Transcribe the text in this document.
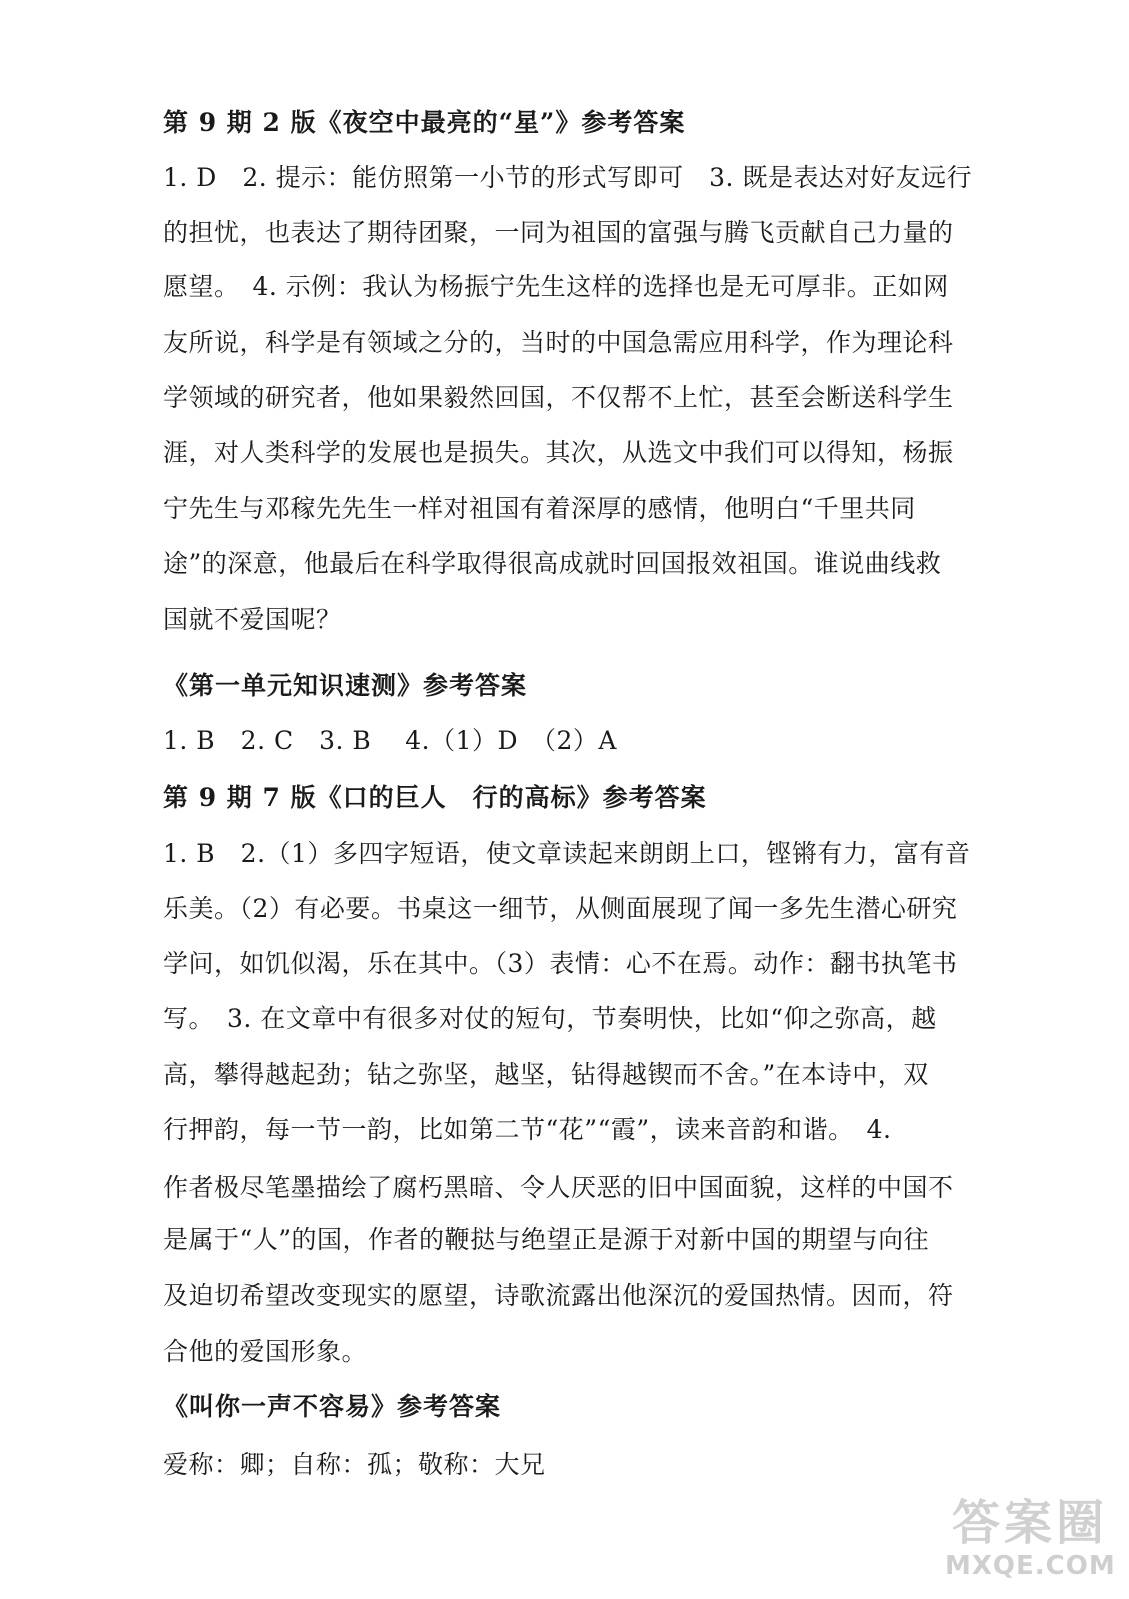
第 9 期 2 版《夜空中最亮的“星”》参考答案
1. D　2. 提示：能仿照第一小节的形式写即可　3. 既是表达对好友远行
的担忧，也表达了期待团聚，一同为祖国的富强与腾飞贡献自己力量的
愿望。　4. 示例：我认为杨振宁先生这样的选择也是无可厚非。正如网
友所说，科学是有领域之分的，当时的中国急需应用科学，作为理论科
学领域的研究者，他如果毅然回国，不仅帮不上忙，甚至会断送科学生
涯，对人类科学的发展也是损失。其次，从选文中我们可以得知，杨振
宁先生与邓稼先先生一样对祖国有着深厚的感情，他明白“千里共同
途”的深意，他最后在科学取得很高成就时回国报效祖国。谁说曲线救
国就不爱国呢？
《第一单元知识速测》参考答案
1. B　2. C　3. B　 4.（1）D　（2）A
第 9 期 7 版《口的巨人　行的高标》参考答案
1. B　2.（1）多四字短语，使文章读起来朗朗上口，铿锵有力，富有音
乐美。（2）有必要。书桌这一细节，从侧面展现了闻一多先生潜心研究
学问，如饥似渴，乐在其中。（3）表情：心不在焉。动作：翻书执笔书
写。　3. 在文章中有很多对仗的短句，节奏明快，比如“仰之弥高，越
高，攀得越起劲；钻之弥坚，越坚，钻得越锲而不舍。”在本诗中，双
行押韵，每一节一韵，比如第二节“花”“霞”，读来音韵和谐。　4.
作者极尽笔墨描绘了腐朽黑暗、令人厌恶的旧中国面貌，这样的中国不
是属于“人”的国，作者的鞭挞与绝望正是源于对新中国的期望与向往
及迫切希望改变现实的愿望，诗歌流露出他深沉的爱国热情。因而，符
合他的爱国形象。
《叫你一声不容易》参考答案
爱称：卿；自称：孤；敬称：大兄
答案圈
MXQE.COM
